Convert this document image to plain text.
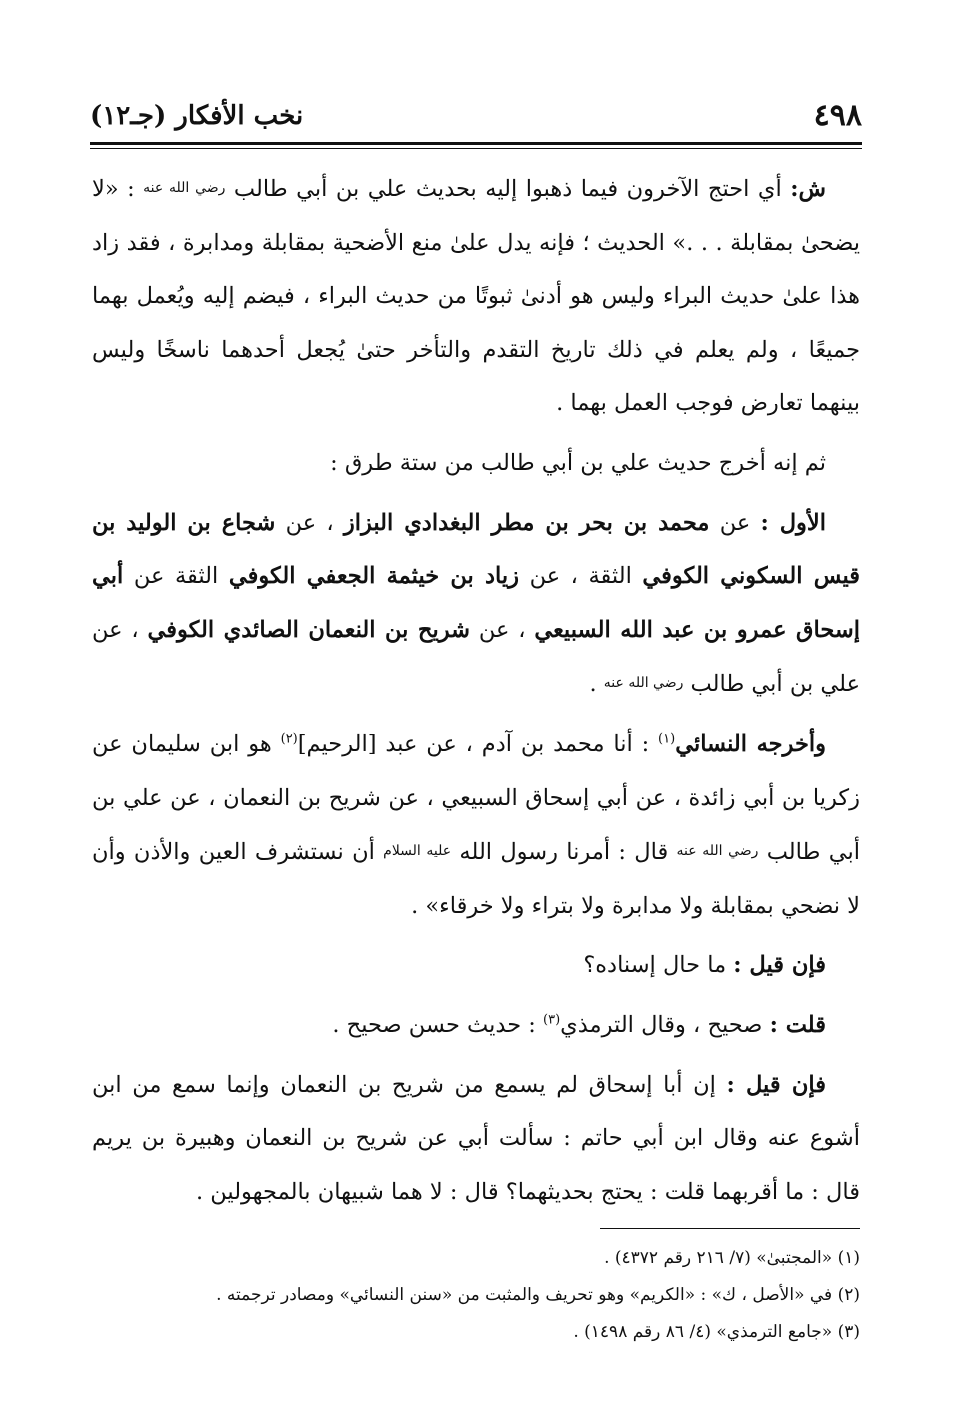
٤٩٨
نخب الأفكار (جـ١٢)

ش: أي احتج الآخرون فيما ذهبوا إليه بحديث علي بن أبي طالب رضي الله عنه : «لا يضحىٰ بمقابلة . . .» الحديث ؛ فإنه يدل علىٰ منع الأضحية بمقابلة ومدابرة ، فقد زاد هذا علىٰ حديث البراء وليس هو أدنىٰ ثبوتًا من حديث البراء ، فيضم إليه ويُعمل بهما جميعًا ، ولم يعلم في ذلك تاريخ التقدم والتأخر حتىٰ يُجعل أحدهما ناسخًا وليس بينهما تعارض فوجب العمل بهما .

ثم إنه أخرج حديث علي بن أبي طالب من ستة طرق :

الأول : عن محمد بن بحر بن مطر البغدادي البزاز ، عن شجاع بن الوليد بن قيس السكوني الكوفي الثقة ، عن زياد بن خيثمة الجعفي الكوفي الثقة عن أبي إسحاق عمرو بن عبد الله السبيعي ، عن شريح بن النعمان الصائدي الكوفي ، عن علي بن أبي طالب رضي الله عنه .

وأخرجه النسائي$^{(١)}$ : أنا محمد بن آدم ، عن عبد [الرحيم]$^{(٢)}$ هو ابن سليمان عن زكريا بن أبي زائدة ، عن أبي إسحاق السبيعي ، عن شريح بن النعمان ، عن علي بن أبي طالب رضي الله عنه قال : أمرنا رسول الله عليه السلام أن نستشرف العين والأذن وأن لا نضحي بمقابلة ولا مدابرة ولا بتراء ولا خرقاء» .

فإن قيل : ما حال إسناده؟

قلت : صحيح ، وقال الترمذي$^{(٣)}$ : حديث حسن صحيح .

فإن قيل : إن أبا إسحاق لم يسمع من شريح بن النعمان وإنما سمع من ابن أشوع عنه وقال ابن أبي حاتم : سألت أبي عن شريح بن النعمان وهبيرة بن يريم قال : ما أقربهما قلت : يحتج بحديثهما؟ قال : لا هما شبيهان بالمجهولين .

(١) «المجتبىٰ» (٧/ ٢١٦ رقم ٤٣٧٢) .

(٢) في «الأصل ، ك» : «الكريم» وهو تحريف والمثبت من «سنن النسائي» ومصادر ترجمته .

(٣) «جامع الترمذي» (٤/ ٨٦ رقم ١٤٩٨) .
